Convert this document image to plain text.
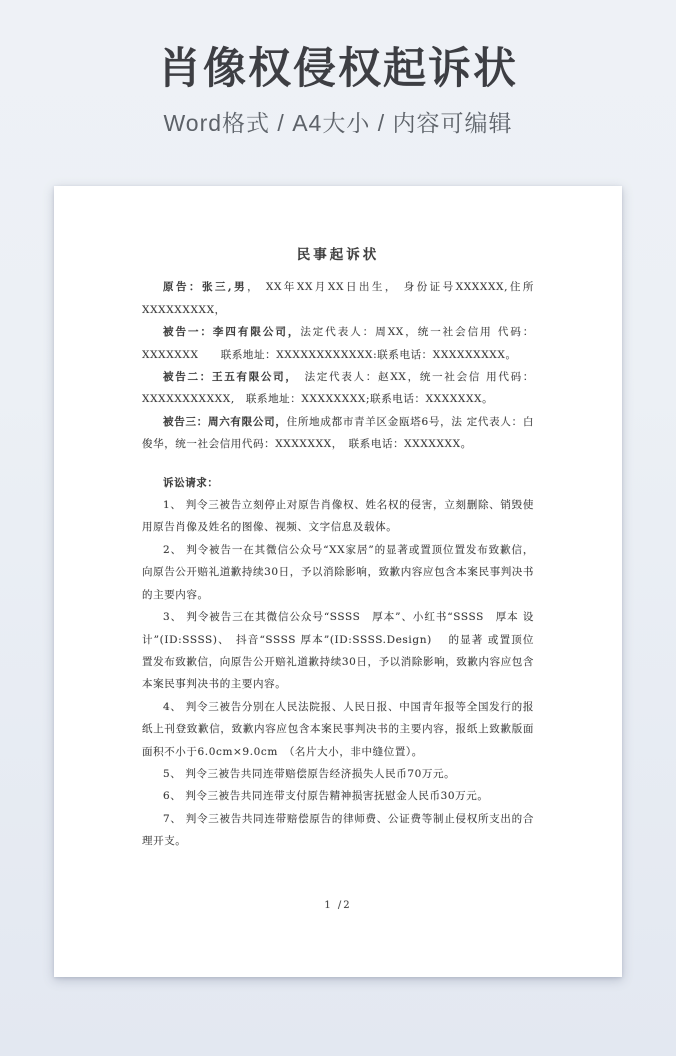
肖像权侵权起诉状
Word格式 / A4大小 / 内容可编辑
民事起诉状

原告：张三,男， XX年XX月XX日出生， 身份证号XXXXXX,住所XXXXXXXXX，

被告一：李四有限公司，法定代表人：周XX，统一社会信用 代码：XXXXXXX　　联系地址：XXXXXXXXXXXX:联系电话：XXXXXXXXX。

被告二：王五有限公司，　法定代表人：赵XX，统一社会信 用代码：XXXXXXXXXXX,　联系地址：XXXXXXXX;联系电话：XXXXXXX。

被告三：周六有限公司，住所地成都市青羊区金瓯塔6号，法 定代表人：白俊华，统一社会信用代码：XXXXXXX，　联系电话：XXXXXXX。

诉讼请求：

1、 判令三被告立刻停止对原告肖像权、姓名权的侵害，立刻删除、销毁使用原告肖像及姓名的图像、视频、文字信息及载体。

2、 判令被告一在其微信公众号“XX家居”的显著或置顶位置发布致歉信，向原告公开赔礼道歉持续30日，予以消除影响，致歉内容应包含本案民事判决书的主要内容。

3、 判令被告三在其微信公众号“SSSS　厚本”、小红书“SSSS　厚本 设计”(ID:SSSS)、　抖音“SSSS 厚本”(ID:SSSS.Design)　 的显著 或置顶位置发布致歉信，向原告公开赔礼道歉持续30日，予以消除影响，致歉内容应包含本案民事判决书的主要内容。

4、 判令三被告分别在人民法院报、人民日报、中国青年报等全国发行的报纸上刊登致歉信，致歉内容应包含本案民事判决书的主要内容，报纸上致歉版面面积不小于6.0cm×9.0cm　（名片大小，非中缝位置）。

5、 判令三被告共同连带赔偿原告经济损失人民币70万元。

6、 判令三被告共同连带支付原告精神损害抚慰金人民币30万元。

7、 判令三被告共同连带赔偿原告的律师费、公证费等制止侵权所支出的合理开支。

1 /2
